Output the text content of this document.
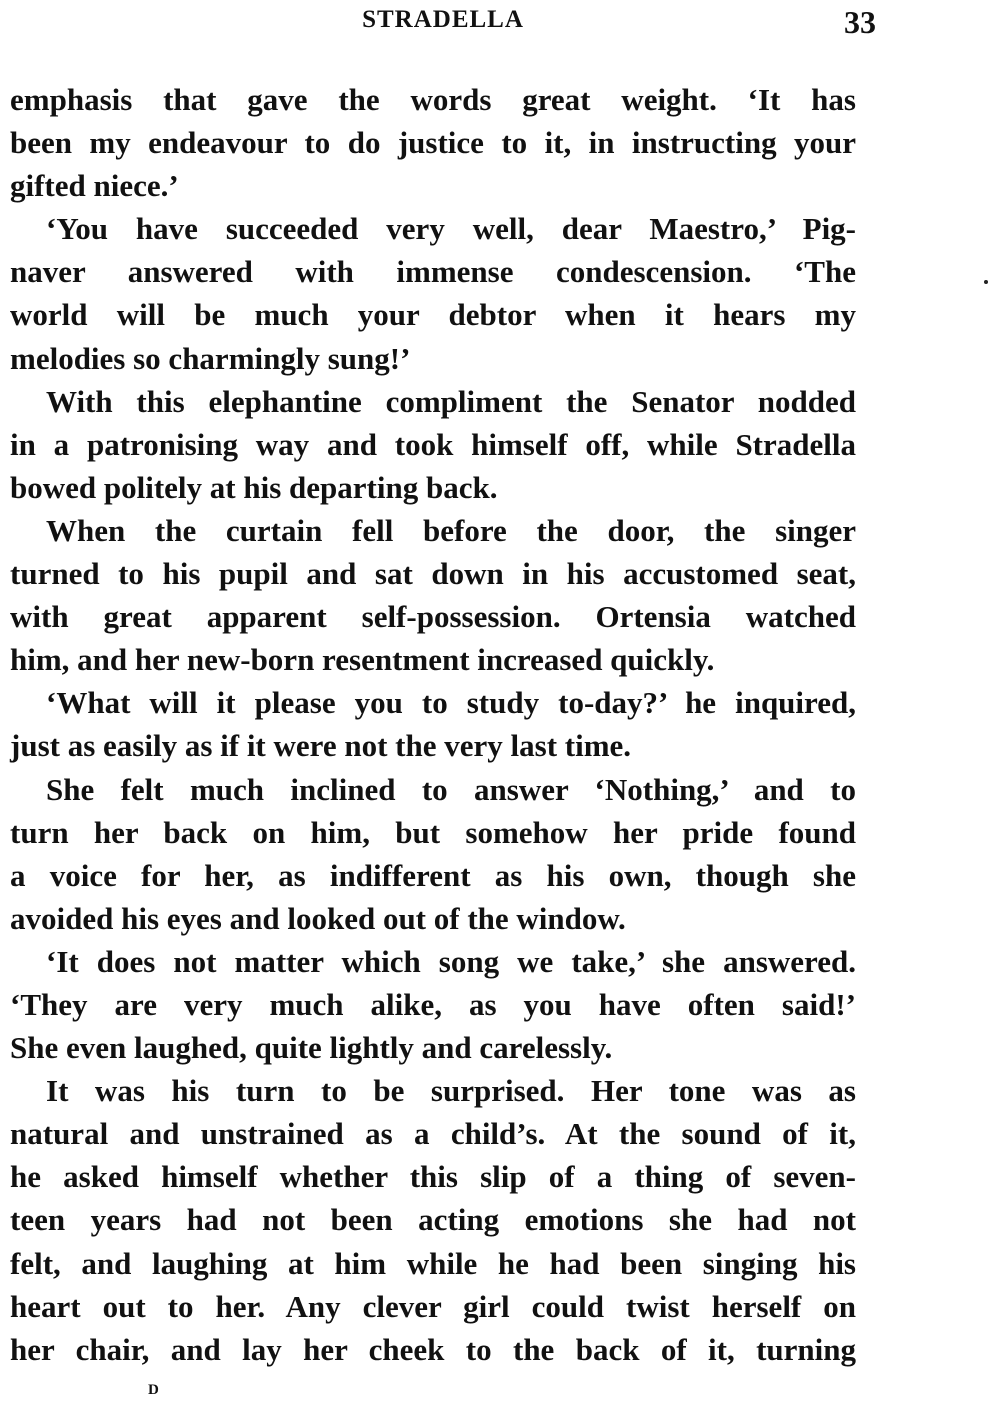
STRADELLA	33
emphasis that gave the words great weight. ‘It has
been my endeavour to do justice to it, in instructing your
gifted niece.’
‘You have succeeded very well, dear Maestro,’ Pig-
naver answered with immense condescension. ‘The
world will be much your debtor when it hears my
melodies so charmingly sung!’
With this elephantine compliment the Senator nodded
in a patronising way and took himself off, while Stradella
bowed politely at his departing back.
When the curtain fell before the door, the singer
turned to his pupil and sat down in his accustomed seat,
with great apparent self-possession. Ortensia watched
him, and her new-born resentment increased quickly.
‘What will it please you to study to-day?’ he inquired,
just as easily as if it were not the very last time.
She felt much inclined to answer ‘Nothing,’ and to
turn her back on him, but somehow her pride found
a voice for her, as indifferent as his own, though she
avoided his eyes and looked out of the window.
‘It does not matter which song we take,’ she answered.
‘They are very much alike, as you have often said!’
She even laughed, quite lightly and carelessly.
It was his turn to be surprised. Her tone was as
natural and unstrained as a child’s. At the sound of it,
he asked himself whether this slip of a thing of seven-
teen years had not been acting emotions she had not
felt, and laughing at him while he had been singing his
heart out to her. Any clever girl could twist herself on
her chair, and lay her cheek to the back of it, turning
D
